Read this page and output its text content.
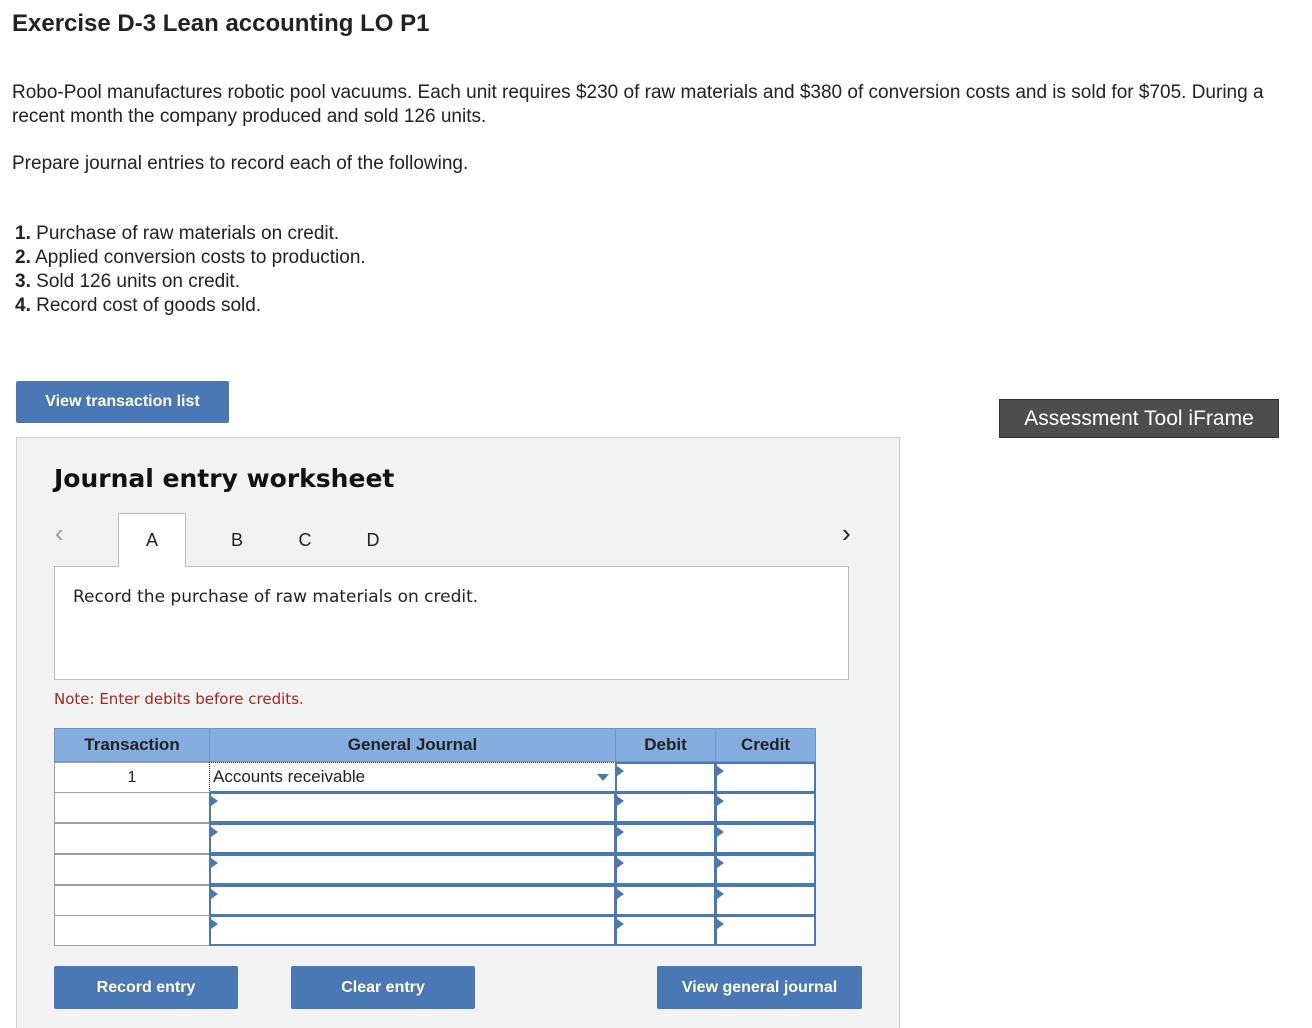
Exercise D-3 Lean accounting LO P1
Robo-Pool manufactures robotic pool vacuums. Each unit requires $230 of raw materials and $380 of conversion costs and is sold for $705. During a recent month the company produced and sold 126 units.
Prepare journal entries to record each of the following.
1. Purchase of raw materials on credit.
2. Applied conversion costs to production.
3. Sold 126 units on credit.
4. Record cost of goods sold.
View transaction list
Assessment Tool iFrame
Journal entry worksheet
‹	A	B	C	D	›
Record the purchase of raw materials on credit.
Note: Enter debits before credits.
Transaction	General Journal	Debit	Credit
1	Accounts receivable
Record entry	Clear entry	View general journal
